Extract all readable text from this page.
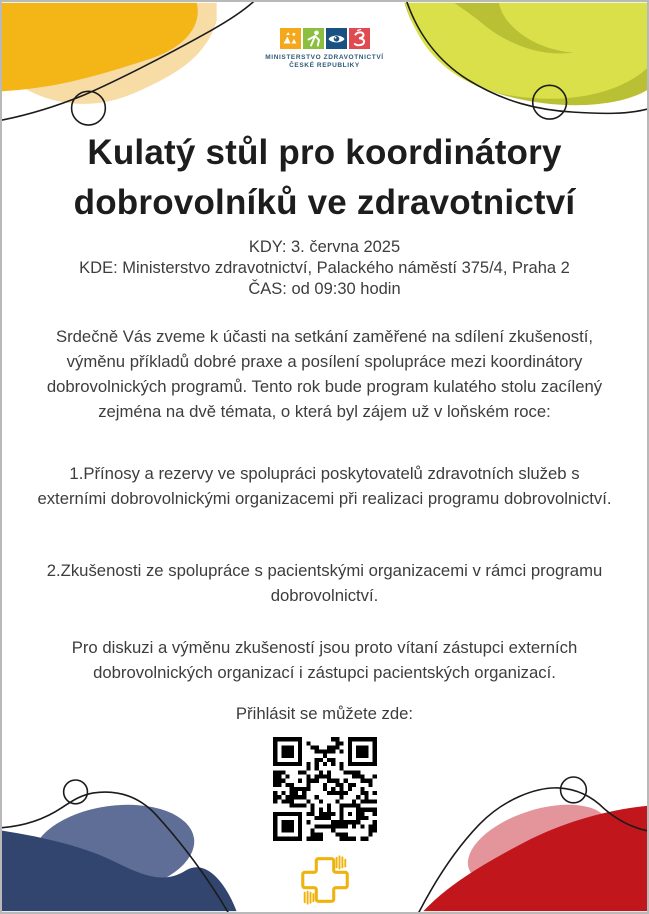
MINISTERSTVO ZDRAVOTNICTVÍ
ČESKÉ REPUBLIKY
Kulatý stůl pro koordinátory
dobrovolníků ve zdravotnictví
KDY: 3. června 2025
KDE: Ministerstvo zdravotnictví, Palackého náměstí 375/4, Praha 2
ČAS: od 09:30 hodin

Srdečně Vás zveme k účasti na setkání zaměřené na sdílení zkušeností, výměnu příkladů dobré praxe a posílení spolupráce mezi koordinátory dobrovolnických programů. Tento rok bude program kulatého stolu zacílený zejména na dvě témata, o která byl zájem už v loňském roce:

1.Přínosy a rezervy ve spolupráci poskytovatelů zdravotních služeb s externími dobrovolnickými organizacemi při realizaci programu dobrovolnictví.

2.Zkušenosti ze spolupráce s pacientskými organizacemi v rámci programu dobrovolnictví.

Pro diskuzi a výměnu zkušeností jsou proto vítaní zástupci externích dobrovolnických organizací i zástupci pacientských organizací.

Přihlásit se můžete zde:
